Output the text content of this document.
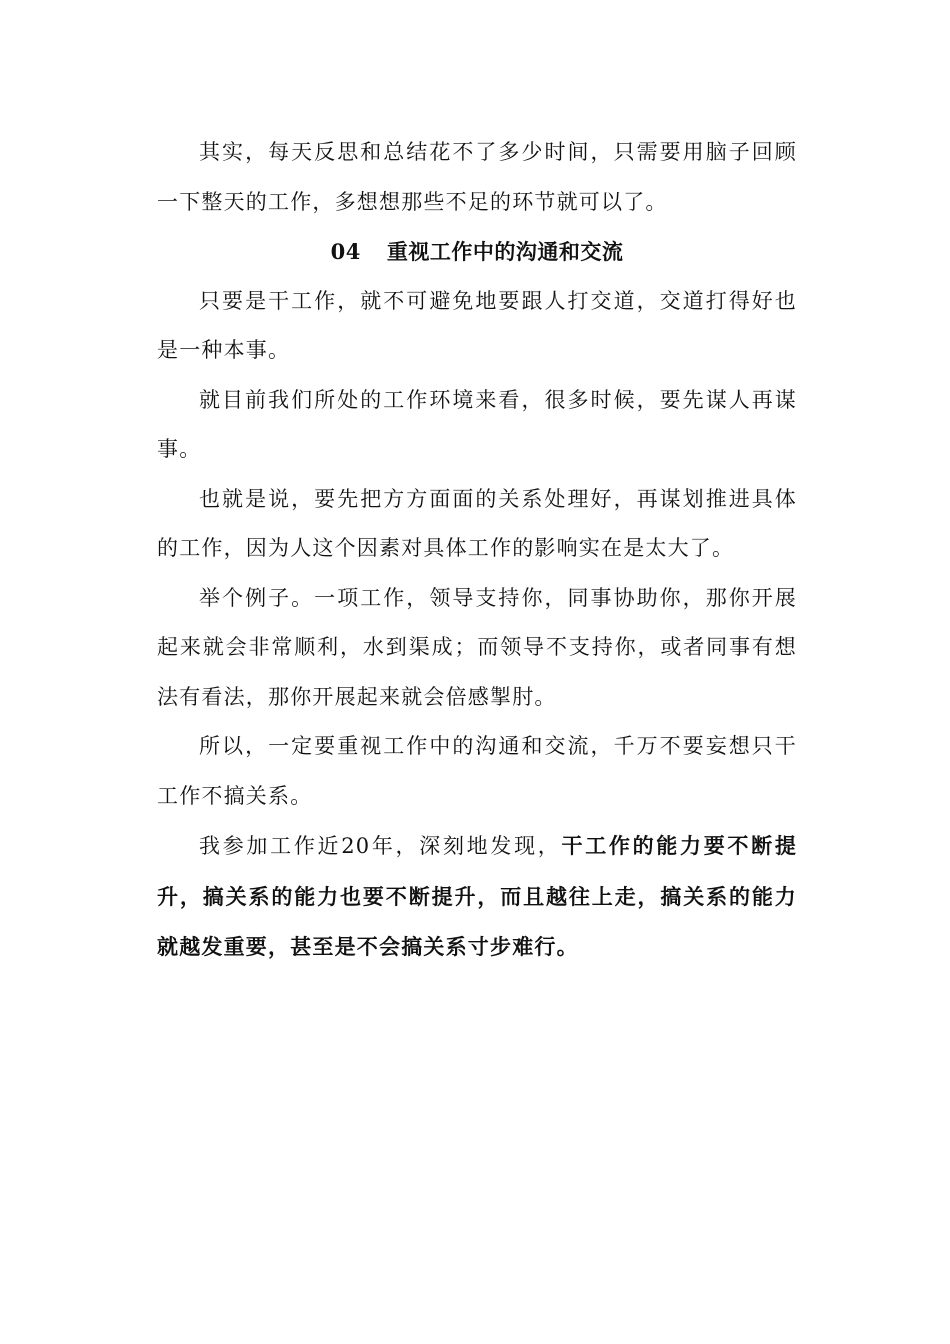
其实，每天反思和总结花不了多少时间，只需要用脑子回顾一下整天的工作，多想想那些不足的环节就可以了。

04 重视工作中的沟通和交流

只要是干工作，就不可避免地要跟人打交道，交道打得好也是一种本事。

就目前我们所处的工作环境来看，很多时候，要先谋人再谋事。

也就是说，要先把方方面面的关系处理好，再谋划推进具体的工作，因为人这个因素对具体工作的影响实在是太大了。

举个例子。一项工作，领导支持你，同事协助你，那你开展起来就会非常顺利，水到渠成；而领导不支持你，或者同事有想法有看法，那你开展起来就会倍感掣肘。

所以，一定要重视工作中的沟通和交流，千万不要妄想只干工作不搞关系。

我参加工作近20年，深刻地发现，干工作的能力要不断提升，搞关系的能力也要不断提升，而且越往上走，搞关系的能力就越发重要，甚至是不会搞关系寸步难行。
